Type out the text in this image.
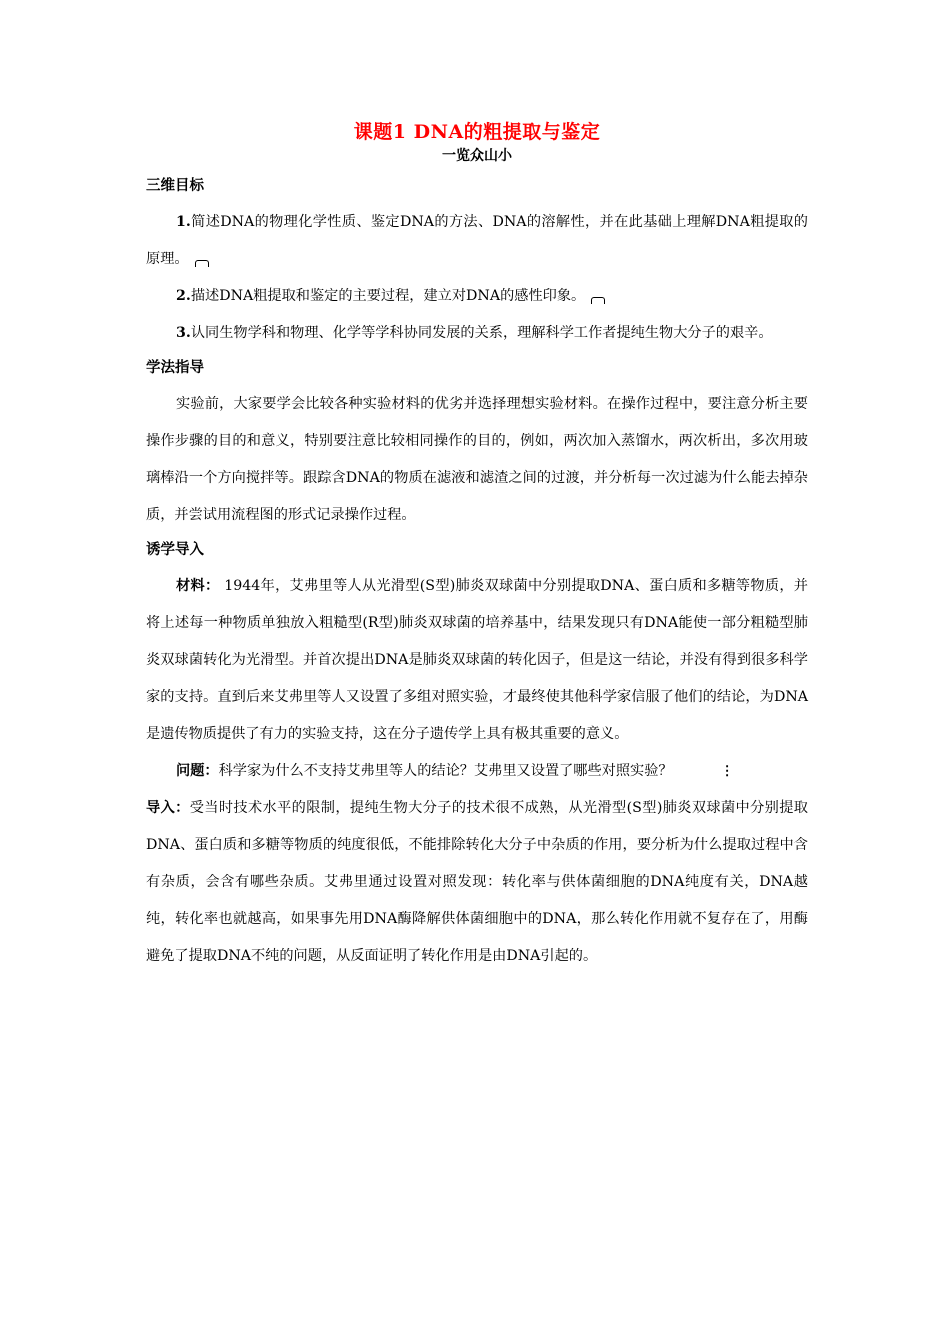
课题1 DNA的粗提取与鉴定

一览众山小

三维目标

1.简述DNA的物理化学性质、鉴定DNA的方法、DNA的溶解性，并在此基础上理解DNA粗提取的原理。

2.描述DNA粗提取和鉴定的主要过程，建立对DNA的感性印象。

3.认同生物学科和物理、化学等学科协同发展的关系，理解科学工作者提纯生物大分子的艰辛。

学法指导

实验前，大家要学会比较各种实验材料的优劣并选择理想实验材料。在操作过程中，要注意分析主要操作步骤的目的和意义，特别要注意比较相同操作的目的，例如，两次加入蒸馏水，两次析出，多次用玻璃棒沿一个方向搅拌等。跟踪含DNA的物质在滤液和滤渣之间的过渡，并分析每一次过滤为什么能去掉杂质，并尝试用流程图的形式记录操作过程。

诱学导入

材料： 1944年，艾弗里等人从光滑型(S型)肺炎双球菌中分别提取DNA、蛋白质和多糖等物质，并将上述每一种物质单独放入粗糙型(R型)肺炎双球菌的培养基中，结果发现只有DNA能使一部分粗糙型肺炎双球菌转化为光滑型。并首次提出DNA是肺炎双球菌的转化因子，但是这一结论，并没有得到很多科学家的支持。直到后来艾弗里等人又设置了多组对照实验，才最终使其他科学家信服了他们的结论，为DNA是遗传物质提供了有力的实验支持，这在分子遗传学上具有极其重要的意义。

问题：科学家为什么不支持艾弗里等人的结论？艾弗里又设置了哪些对照实验？	⋮

导入：受当时技术水平的限制，提纯生物大分子的技术很不成熟，从光滑型(S型)肺炎双球菌中分别提取DNA、蛋白质和多糖等物质的纯度很低，不能排除转化大分子中杂质的作用，要分析为什么提取过程中含有杂质，会含有哪些杂质。艾弗里通过设置对照发现：转化率与供体菌细胞的DNA纯度有关，DNA越纯，转化率也就越高，如果事先用DNA酶降解供体菌细胞中的DNA，那么转化作用就不复存在了，用酶避免了提取DNA不纯的问题，从反面证明了转化作用是由DNA引起的。
